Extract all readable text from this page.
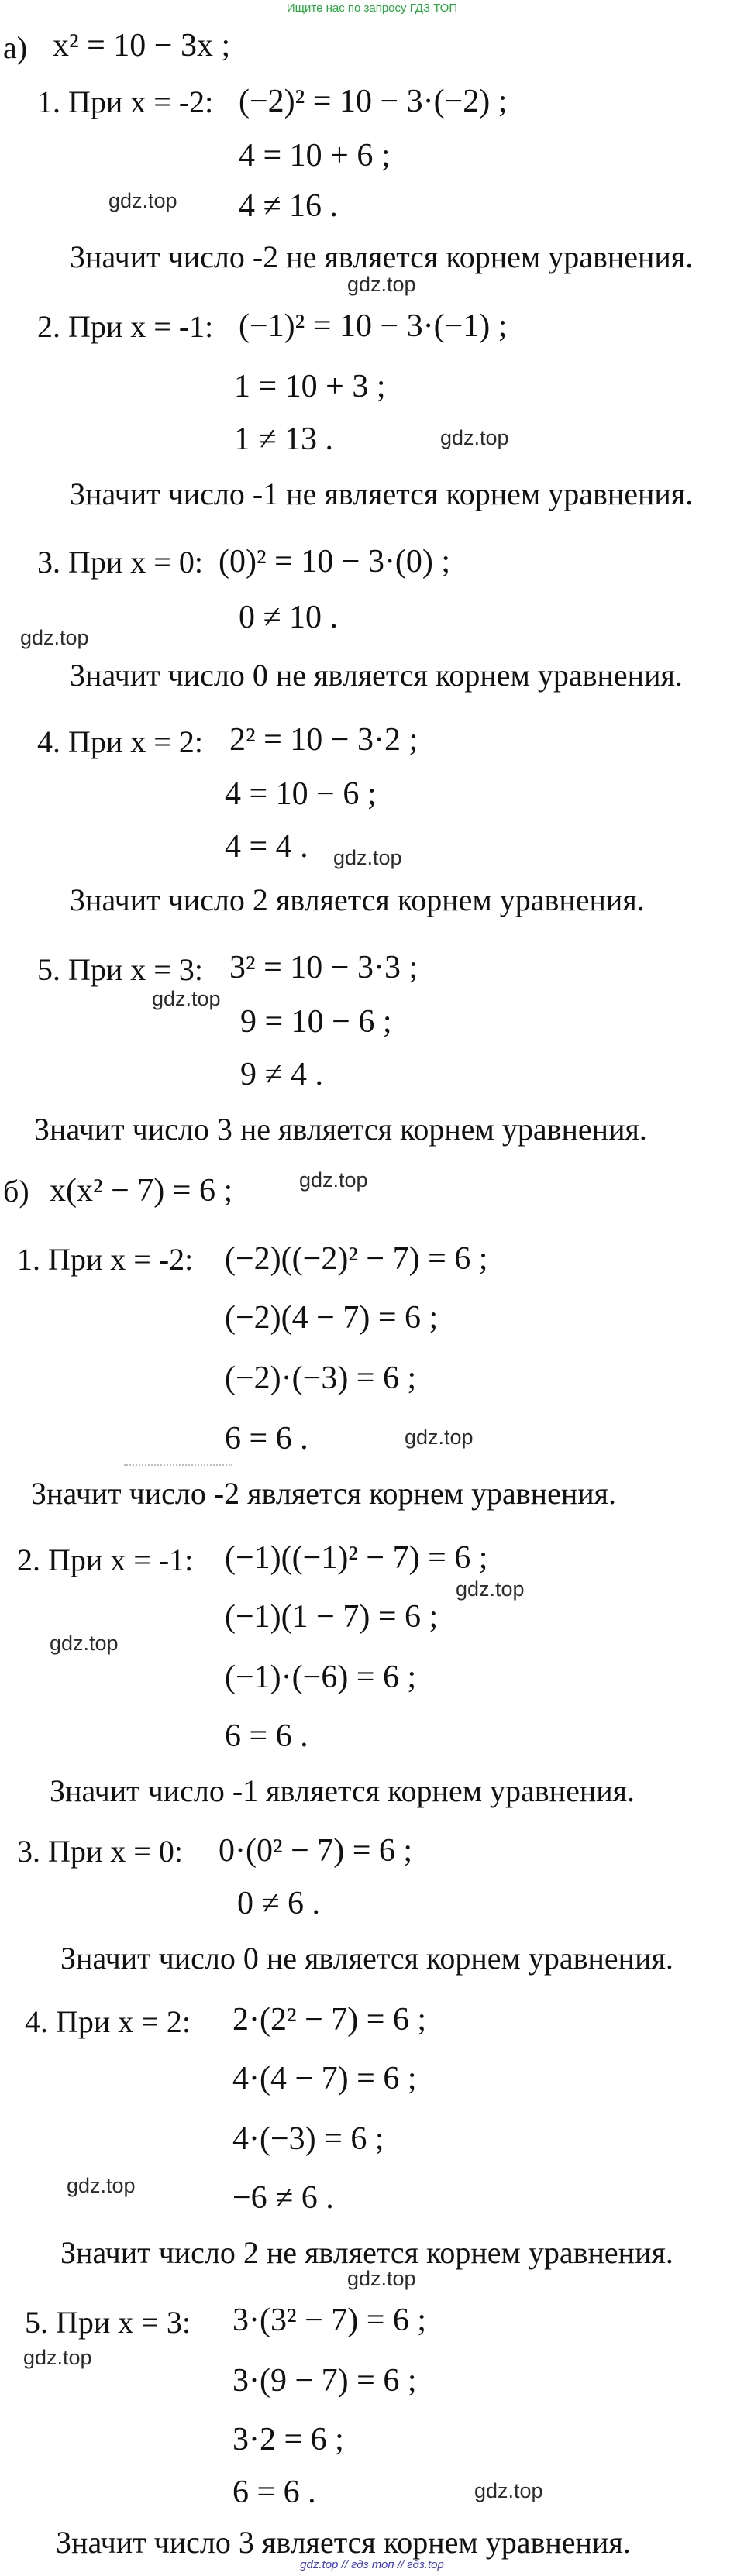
Ищите нас по запросу ГДЗ ТОП
а) x² = 10 − 3x ;
1. При x = -2: (−2)² = 10 − 3·(−2) ;
4 = 10 + 6 ;
gdz.top 4 ≠ 16 .
Значит число -2 не является корнем уравнения.
gdz.top
2. При x = -1: (−1)² = 10 − 3·(−1) ;
1 = 10 + 3 ;
1 ≠ 13 .	gdz.top
Значит число -1 не является корнем уравнения.
3. При x = 0: (0)² = 10 − 3·(0) ;
0 ≠ 10 .
gdz.top
Значит число 0 не является корнем уравнения.
4. При x = 2: 2² = 10 − 3·2 ;
4 = 10 − 6 ;
4 = 4 . gdz.top
Значит число 2 является корнем уравнения.
5. При x = 3: 3² = 10 − 3·3 ;
gdz.top
9 = 10 − 6 ;
9 ≠ 4 .
Значит число 3 не является корнем уравнения.
б) x(x² − 7) = 6 ;	gdz.top
1. При x = -2: (−2)((−2)² − 7) = 6 ;
(−2)(4 − 7) = 6 ;
(−2)·(−3) = 6 ;
6 = 6 .	gdz.top
Значит число -2 является корнем уравнения.
2. При x = -1: (−1)((−1)² − 7) = 6 ;
gdz.top
gdz.top
(−1)(1 − 7) = 6 ;
(−1)·(−6) = 6 ;
6 = 6 .
Значит число -1 является корнем уравнения.
3. При x = 0: 0·(0² − 7) = 6 ;
0 ≠ 6 .
Значит число 0 не является корнем уравнения.
4. При x = 2: 2·(2² − 7) = 6 ;
4·(4 − 7) = 6 ;
4·(−3) = 6 ;
gdz.top	−6 ≠ 6 .
Значит число 2 не является корнем уравнения.
gdz.top
5. При x = 3: 3·(3² − 7) = 6 ;
gdz.top
3·(9 − 7) = 6 ;
3·2 = 6 ;
6 = 6 .	gdz.top
Значит число 3 является корнем уравнения.
gdz.top // гдз топ // гдз.top
